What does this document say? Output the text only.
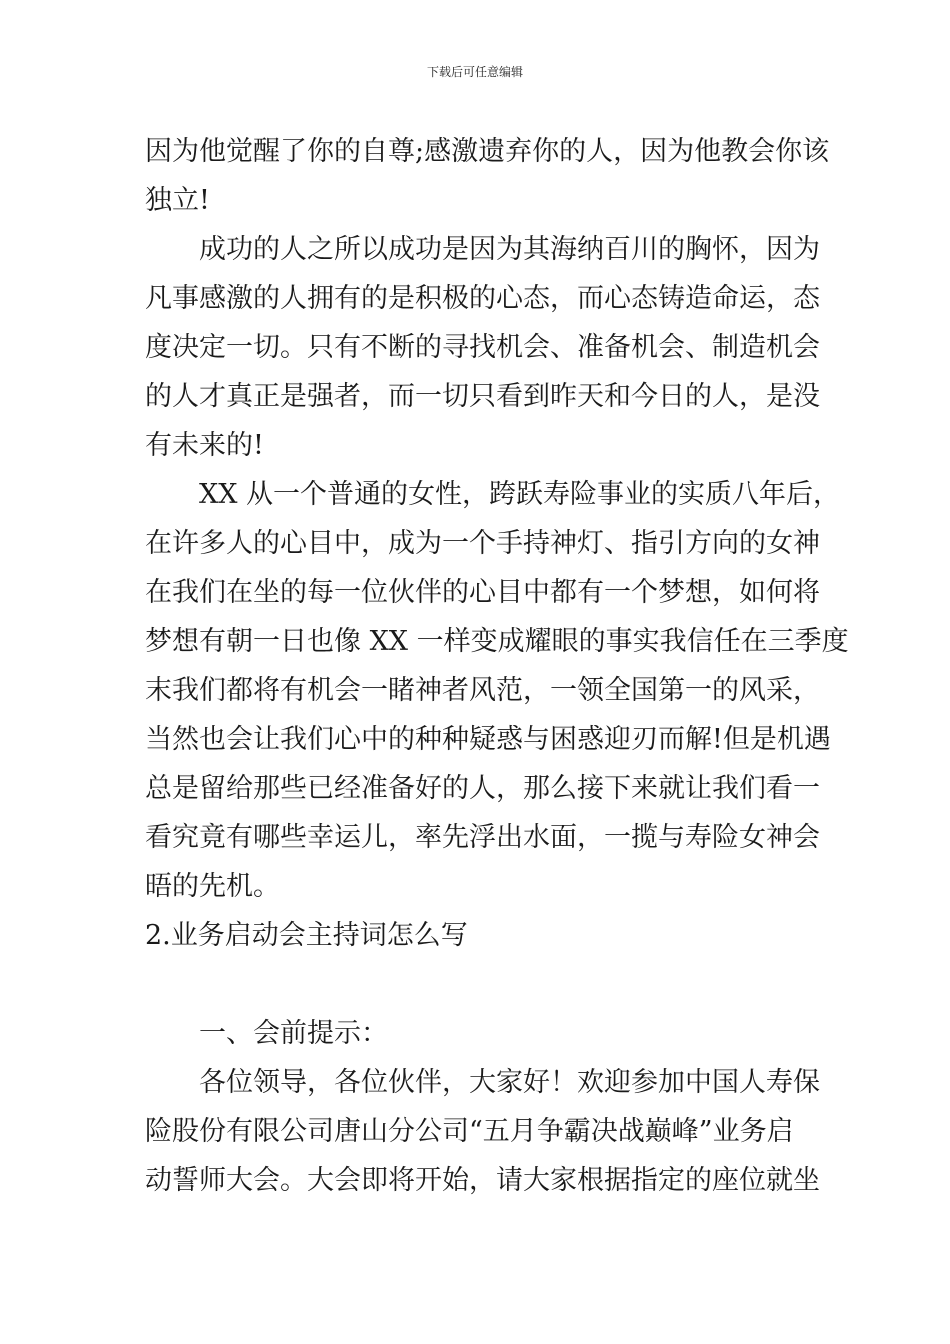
下载后可任意编辑
因为他觉醒了你的自尊;感激遗弃你的人，因为他教会你该
独立!
成功的人之所以成功是因为其海纳百川的胸怀，因为
凡事感激的人拥有的是积极的心态，而心态铸造命运，态
度决定一切。只有不断的寻找机会、准备机会、制造机会
的人才真正是强者，而一切只看到昨天和今日的人，是没
有未来的!
XX 从一个普通的女性，跨跃寿险事业的实质八年后，
在许多人的心目中，成为一个手持神灯、指引方向的女神
在我们在坐的每一位伙伴的心目中都有一个梦想，如何将
梦想有朝一日也像 XX 一样变成耀眼的事实我信任在三季度
末我们都将有机会一睹神者风范，一领全国第一的风采，
当然也会让我们心中的种种疑惑与困惑迎刃而解!但是机遇
总是留给那些已经准备好的人，那么接下来就让我们看一
看究竟有哪些幸运儿，率先浮出水面，一揽与寿险女神会
晤的先机。
2.业务启动会主持词怎么写
一、会前提示：
各位领导，各位伙伴，大家好！欢迎参加中国人寿保
险股份有限公司唐山分公司“五月争霸决战巅峰”业务启
动誓师大会。大会即将开始，请大家根据指定的座位就坐
